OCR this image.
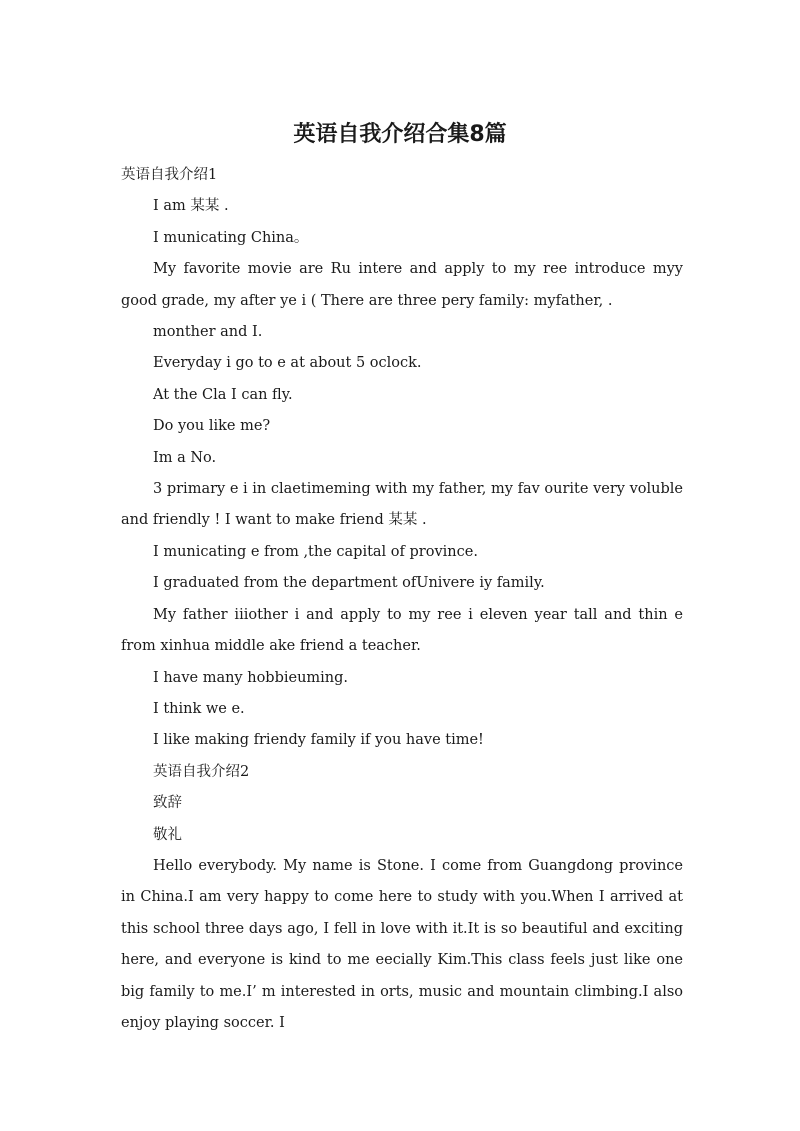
英语自我介绍合集8篇

英语自我介绍1

I am 某某 .

I municating China。

My favorite movie are Ru intere and apply to my ree introduce myy good grade, my after ye i ( There are three pery family: myfather, .

monther and I.

Everyday i go to e at about 5 oclock.

At the Cla I can fly.

Do you like me?

Im a No.

3 primary e i in claetimeming with my father, my fav ourite very voluble and friendly ! I want to make friend 某某 .

I municating e from ,the capital of province.

I graduated from the department ofUnivere iy family.

My father iiiother i and apply to my ree i eleven year tall and thin e from xinhua middle ake friend a teacher.

I have many hobbieuming.

I think we e.

I like making friendy family if you have time!

英语自我介绍2

致辞

敬礼

Hello everybody. My name is Stone. I come from Guangdong province in China.I am very happy to come here to study with you.When I arrived at this school three days ago, I fell in love with it.It is so beautiful and exciting here, and everyone is kind to me eecially Kim.This class feels just like one big family to me.I’ m interested in orts, music and mountain climbing.I also enjoy playing soccer. I
